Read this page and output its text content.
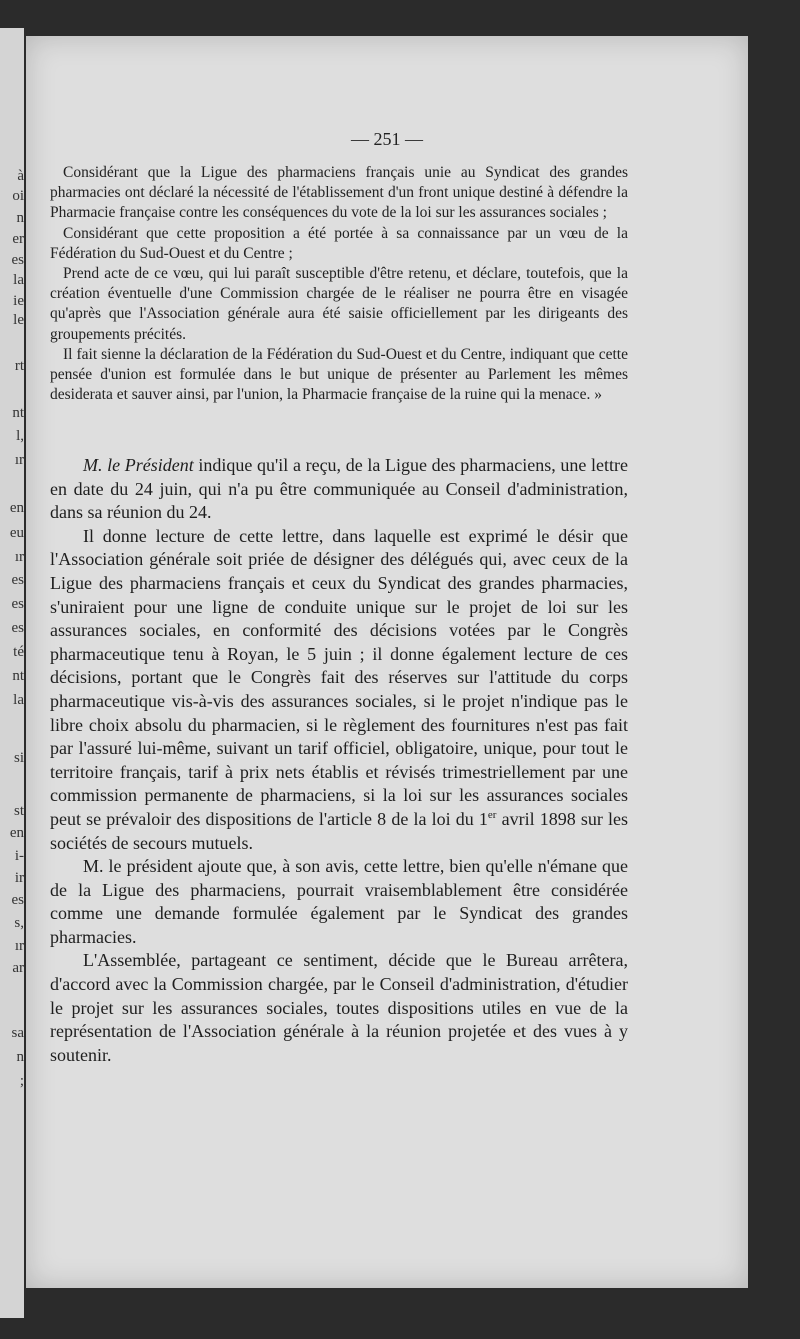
à
oi
n
er
es
la
ie
le
rt
nt
l,
ır
en
eu
ır
es
es
es
té
nt
la
si
st
en
i-
ir
es
s,
ır
ar
sa
n
;
— 251 —

Considérant que la Ligue des pharmaciens français unie au Syndicat des grandes pharmacies ont déclaré la nécessité de l'établissement d'un front unique destiné à défendre la Pharmacie française contre les conséquences du vote de la loi sur les assurances sociales ;

Considérant que cette proposition a été portée à sa connaissance par un vœu de la Fédération du Sud-Ouest et du Centre ;

Prend acte de ce vœu, qui lui paraît susceptible d'être retenu, et déclare, toutefois, que la création éventuelle d'une Commission chargée de le réaliser ne pourra être en visagée qu'après que l'Association générale aura été saisie officiellement par les dirigeants des groupements précités.

Il fait sienne la déclaration de la Fédération du Sud-Ouest et du Centre, indiquant que cette pensée d'union est formulée dans le but unique de présenter au Parlement les mêmes desiderata et sauver ainsi, par l'union, la Pharmacie française de la ruine qui la menace. »

M. le Président indique qu'il a reçu, de la Ligue des pharmaciens, une lettre en date du 24 juin, qui n'a pu être communiquée au Conseil d'administration, dans sa réunion du 24.

Il donne lecture de cette lettre, dans laquelle est exprimé le désir que l'Association générale soit priée de désigner des délégués qui, avec ceux de la Ligue des pharmaciens français et ceux du Syndicat des grandes pharmacies, s'uniraient pour une ligne de conduite unique sur le projet de loi sur les assurances sociales, en conformité des décisions votées par le Congrès pharmaceutique tenu à Royan, le 5 juin ; il donne également lecture de ces décisions, portant que le Congrès fait des réserves sur l'attitude du corps pharmaceutique vis-à-vis des assurances sociales, si le projet n'indique pas le libre choix absolu du pharmacien, si le règlement des fournitures n'est pas fait par l'assuré lui-même, suivant un tarif officiel, obligatoire, unique, pour tout le territoire français, tarif à prix nets établis et révisés trimestriellement par une commission permanente de pharmaciens, si la loi sur les assurances sociales peut se prévaloir des dispositions de l'article 8 de la loi du 1er avril 1898 sur les sociétés de secours mutuels.

M. le président ajoute que, à son avis, cette lettre, bien qu'elle n'émane que de la Ligue des pharmaciens, pourrait vraisemblablement être considérée comme une demande formulée également par le Syndicat des grandes pharmacies.

L'Assemblée, partageant ce sentiment, décide que le Bureau arrêtera, d'accord avec la Commission chargée, par le Conseil d'administration, d'étudier le projet sur les assurances sociales, toutes dispositions utiles en vue de la représentation de l'Association générale à la réunion projetée et des vues à y soutenir.
